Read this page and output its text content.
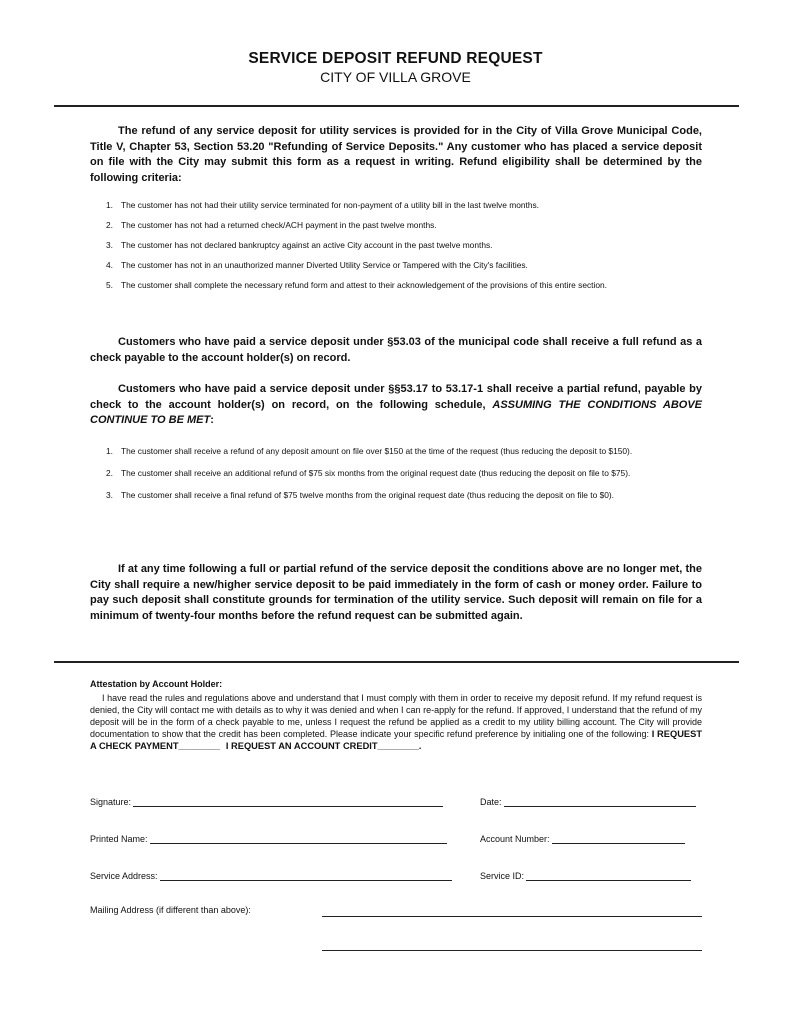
SERVICE DEPOSIT REFUND REQUEST
CITY OF VILLA GROVE
The refund of any service deposit for utility services is provided for in the City of Villa Grove Municipal Code, Title V, Chapter 53, Section 53.20 "Refunding of Service Deposits." Any customer who has placed a service deposit on file with the City may submit this form as a request in writing. Refund eligibility shall be determined by the following criteria:
1. The customer has not had their utility service terminated for non-payment of a utility bill in the last twelve months.
2. The customer has not had a returned check/ACH payment in the past twelve months.
3. The customer has not declared bankruptcy against an active City account in the past twelve months.
4. The customer has not in an unauthorized manner Diverted Utility Service or Tampered with the City's facilities.
5. The customer shall complete the necessary refund form and attest to their acknowledgement of the provisions of this entire section.
Customers who have paid a service deposit under §53.03 of the municipal code shall receive a full refund as a check payable to the account holder(s) on record.
Customers who have paid a service deposit under §§53.17 to 53.17-1 shall receive a partial refund, payable by check to the account holder(s) on record, on the following schedule, ASSUMING THE CONDITIONS ABOVE CONTINUE TO BE MET:
1. The customer shall receive a refund of any deposit amount on file over $150 at the time of the request (thus reducing the deposit to $150).
2. The customer shall receive an additional refund of $75 six months from the original request date (thus reducing the deposit on file to $75).
3. The customer shall receive a final refund of $75 twelve months from the original request date (thus reducing the deposit on file to $0).
If at any time following a full or partial refund of the service deposit the conditions above are no longer met, the City shall require a new/higher service deposit to be paid immediately in the form of cash or money order. Failure to pay such deposit shall constitute grounds for termination of the utility service. Such deposit will remain on file for a minimum of twenty-four months before the refund request can be submitted again.
Attestation by Account Holder:
I have read the rules and regulations above and understand that I must comply with them in order to receive my deposit refund. If my refund request is denied, the City will contact me with details as to why it was denied and when I can re-apply for the refund. If approved, I understand that the refund of my deposit will be in the form of a check payable to me, unless I request the refund be applied as a credit to my utility billing account. The City will provide documentation to show that the credit has been completed. Please indicate your specific refund preference by initialing one of the following: I REQUEST A CHECK PAYMENT________ I REQUEST AN ACCOUNT CREDIT________.
Signature:	Date:
Printed Name:	Account Number:
Service Address:	Service ID:
Mailing Address (if different than above):
